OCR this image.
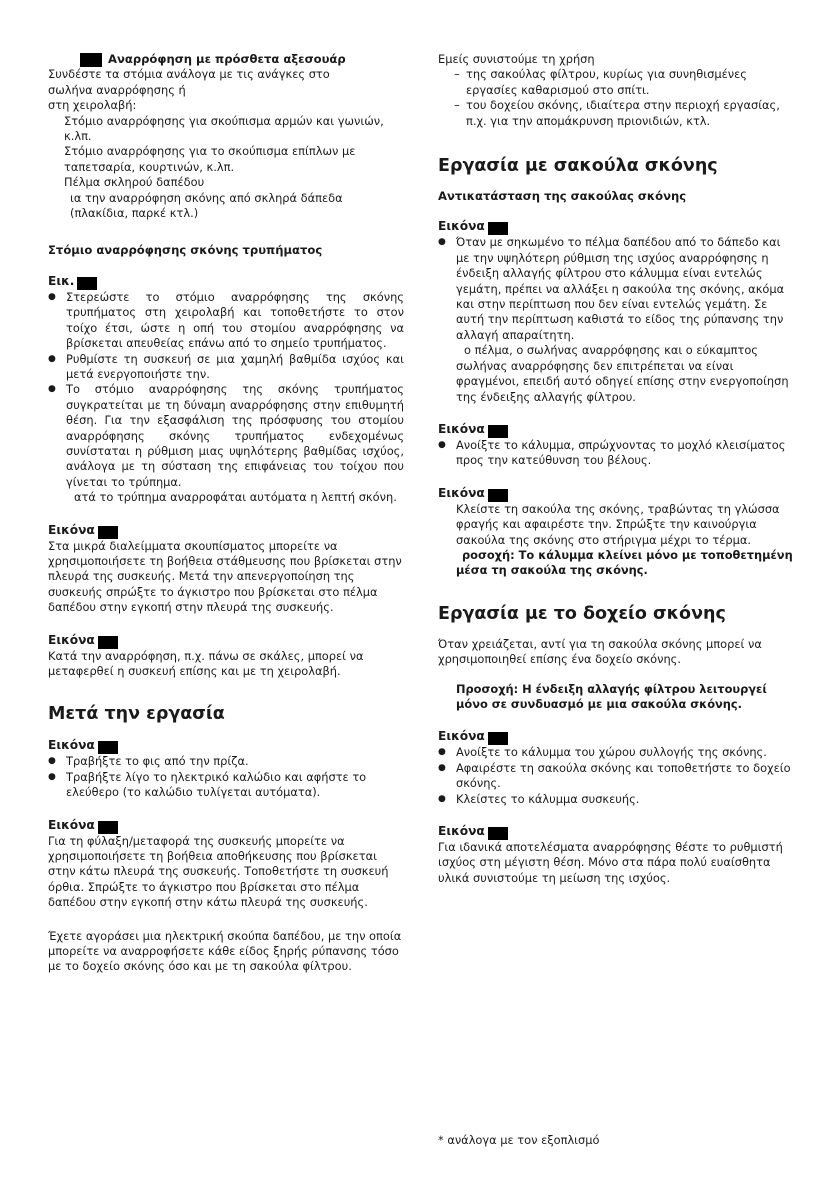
Αναρρόφηση με πρόσθετα αξεσουάρ

Συνδέστε τα στόμια ανάλογα με τις ανάγκες στο

σωλήνα αναρρόφησης ή

στη χειρολαβή:

Στόμιο αναρρόφησης για σκούπισμα αρμών και γωνιών, κ.λπ.

Στόμιο αναρρόφησης για το σκούπισμα επίπλων με ταπετσαρία, κουρτινών, κ.λπ.

Πέλμα σκληρού δαπέδου

ια την αναρρόφηση σκόνης από σκληρά δάπεδα (πλακίδια, παρκέ κτλ.)

Στόμιο αναρρόφησης σκόνης τρυπήματος

Εικ.
● Στερεώστε το στόμιο αναρρόφησης της σκόνης τρυπήματος στη χειρολαβή και τοποθετήστε το στον τοίχο έτσι, ώστε η οπή του στομίου αναρρόφησης να βρίσκεται απευθείας επάνω από το σημείο τρυπήματος.
● Ρυθμίστε τη συσκευή σε μια χαμηλή βαθμίδα ισχύος και μετά ενεργοποιήστε την.
● Το στόμιο αναρρόφησης της σκόνης τρυπήματος συγκρατείται με τη δύναμη αναρρόφησης στην επιθυμητή θέση. Για την εξασφάλιση της πρόσφυσης του στομίου αναρρόφησης σκόνης τρυπήματος ενδεχομένως συνίσταται η ρύθμιση μιας υψηλότερης βαθμίδας ισχύος, ανάλογα με τη σύσταση της επιφάνειας του τοίχου που γίνεται το τρύπημα.

ατά το τρύπημα αναρροφάται αυτόματα η λεπτή σκόνη.

Εικόνα

Στα μικρά διαλείμματα σκουπίσματος μπορείτε να χρησιμοποιήσετε τη βοήθεια στάθμευσης που βρίσκεται στην πλευρά της συσκευής. Μετά την απενεργοποίηση της συσκευής σπρώξτε το άγκιστρο που βρίσκεται στο πέλμα δαπέδου στην εγκοπή στην πλευρά της συσκευής.

Εικόνα

Κατά την αναρρόφηση, π.χ. πάνω σε σκάλες, μπορεί να μεταφερθεί η συσκευή επίσης και με τη χειρολαβή.

Μετά την εργασία
Εικόνα
● Τραβήξτε το φις από την πρίζα.
● Τραβήξτε λίγο το ηλεκτρικό καλώδιο και αφήστε το ελεύθερο (το καλώδιο τυλίγεται αυτόματα).
Εικόνα

Για τη φύλαξη/μεταφορά της συσκευής μπορείτε να χρησιμοποιήσετε τη βοήθεια αποθήκευσης που βρίσκεται στην κάτω πλευρά της συσκευής. Τοποθετήστε τη συσκευή όρθια. Σπρώξτε το άγκιστρο που βρίσκεται στο πέλμα δαπέδου στην εγκοπή στην κάτω πλευρά της συσκευής.

Έχετε αγοράσει μια ηλεκτρική σκούπα δαπέδου, με την οποία μπορείτε να αναρροφήσετε κάθε είδος ξηρής ρύπανσης τόσο με το δοχείο σκόνης όσο και με τη σακούλα φίλτρου.

Εμείς συνιστούμε τη χρήση

– της σακούλας φίλτρου, κυρίως για συνηθισμένες εργασίες καθαρισμού στο σπίτι.
– του δοχείου σκόνης, ιδιαίτερα στην περιοχή εργασίας, π.χ. για την απομάκρυνση πριονιδιών, κτλ.
Εργασία με σακούλα σκόνης

Αντικατάσταση της σακούλας σκόνης

Εικόνα
● Όταν με σηκωμένο το πέλμα δαπέδου από το δάπεδο και με την υψηλότερη ρύθμιση της ισχύος αναρρόφησης η ένδειξη αλλαγής φίλτρου στο κάλυμμα είναι εντελώς γεμάτη, πρέπει να αλλάξει η σακούλα της σκόνης, ακόμα και στην περίπτωση που δεν είναι εντελώς γεμάτη. Σε αυτή την περίπτωση καθιστά το είδος της ρύπανσης την αλλαγή απαραίτητη.
ο πέλμα, ο σωλήνας αναρρόφησης και ο εύκαμπτος σωλήνας αναρρόφησης δεν επιτρέπεται να είναι φραγμένοι, επειδή αυτό οδηγεί επίσης στην ενεργοποίηση της ένδειξης αλλαγής φίλτρου.
Εικόνα
● Ανοίξτε το κάλυμμα, σπρώχνοντας το μοχλό κλεισίματος προς την κατεύθυνση του βέλους.
Εικόνα

Κλείστε τη σακούλα της σκόνης, τραβώντας τη γλώσσα φραγής και αφαιρέστε την. Σπρώξτε την καινούργια σακούλα της σκόνης στο στήριγμα μέχρι το τέρμα.

ροσοχή: Το κάλυμμα κλείνει μόνο με τοποθετημένη μέσα τη σακούλα της σκόνης.

Εργασία με το δοχείο σκόνης

Όταν χρειάζεται, αντί για τη σακούλα σκόνης μπορεί να χρησιμοποιηθεί επίσης ένα δοχείο σκόνης.

Προσοχή: Η ένδειξη αλλαγής φίλτρου λειτουργεί μόνο σε συνδυασμό με μια σακούλα σκόνης.

Εικόνα
● Ανοίξτε το κάλυμμα του χώρου συλλογής της σκόνης.
● Αφαιρέστε τη σακούλα σκόνης και τοποθετήστε το δοχείο σκόνης.
● Κλείστες το κάλυμμα συσκευής.
Εικόνα

Για ιδανικά αποτελέσματα αναρρόφησης θέστε το ρυθμιστή ισχύος στη μέγιστη θέση. Μόνο στα πάρα πολύ ευαίσθητα υλικά συνιστούμε τη μείωση της ισχύος.

* ανάλογα με τον εξοπλισμό
